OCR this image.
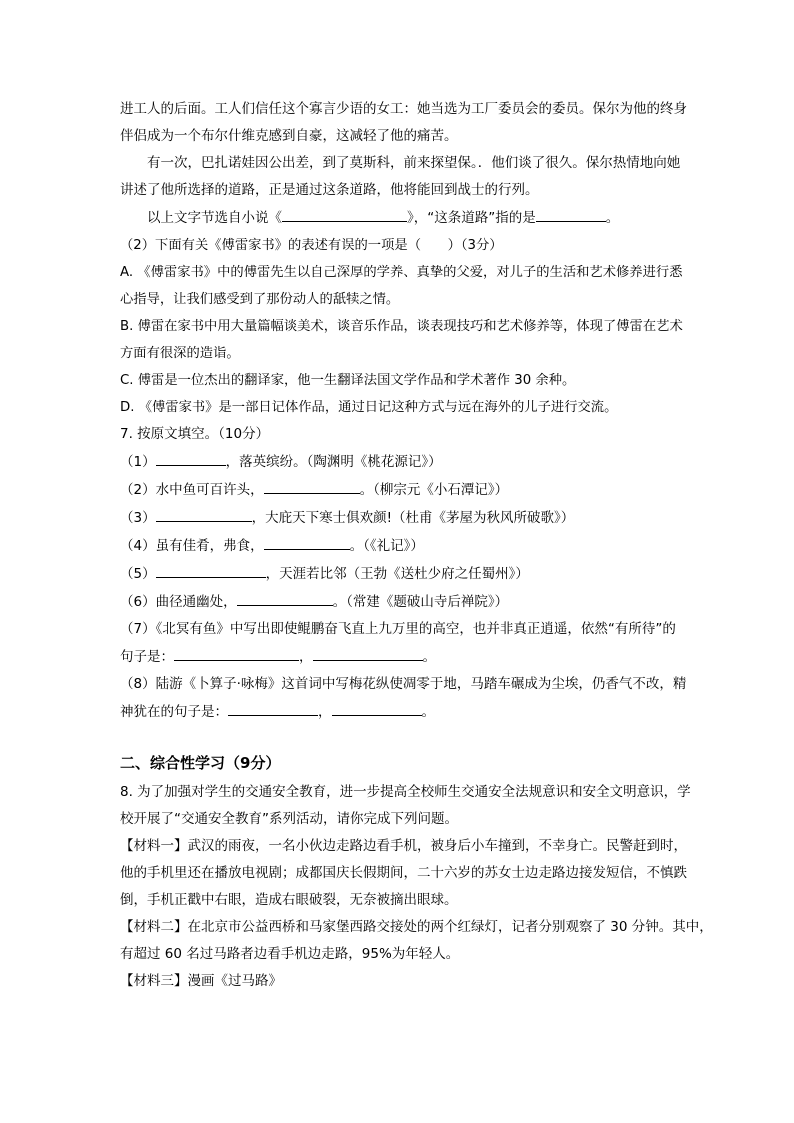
进工人的后面。工人们信任这个寡言少语的女工：她当选为工厂委员会的委员。保尔为他的终身

伴侣成为一个布尔什维克感到自豪，这减轻了他的痛苦。

有一次，巴扎诺娃因公出差，到了莫斯科，前来探望保。．他们谈了很久。保尔热情地向她

讲述了他所选择的道路，正是通过这条道路，他将能回到战士的行列。

以上文字节选自小说《	》，“这条道路”指的是	。

（2）下面有关《傅雷家书》的表述有误的一项是（　　）（3分）

A. 《傅雷家书》中的傅雷先生以自己深厚的学养、真挚的父爱，对儿子的生活和艺术修养进行悉

心指导，让我们感受到了那份动人的舐犊之情。

B. 傅雷在家书中用大量篇幅谈美术，谈音乐作品，谈表现技巧和艺术修养等，体现了傅雷在艺术

方面有很深的造诣。

C. 傅雷是一位杰出的翻译家，他一生翻译法国文学作品和学术著作 30 余种。

D. 《傅雷家书》是一部日记体作品，通过日记这种方式与远在海外的儿子进行交流。

7. 按原文填空。（10分）

（1）	，落英缤纷。（陶渊明《桃花源记》）

（2）水中鱼可百许头，	。（柳宗元《小石潭记》）

（3）	，大庇天下寒士俱欢颜!（杜甫《茅屋为秋风所破歌》）

（4）虽有佳肴，弗食，	。（《礼记》）

（5）	，天涯若比邻（王勃《送杜少府之任蜀州》）

（6）曲径通幽处，	。（常建《题破山寺后禅院》）

（7）《北冥有鱼》中写出即使鲲鹏奋飞直上九万里的高空，也并非真正逍遥，依然“有所待”的

句子是：	，	。

（8）陆游《卜算子·咏梅》这首词中写梅花纵使凋零于地，马踏车碾成为尘埃，仍香气不改，精

神犹在的句子是：	，	。

二、综合性学习（9分）

8. 为了加强对学生的交通安全教育，进一步提高全校师生交通安全法规意识和安全文明意识，学

校开展了“交通安全教育”系列活动，请你完成下列问题。

【材料一】武汉的雨夜，一名小伙边走路边看手机，被身后小车撞到，不幸身亡。民警赶到时，

他的手机里还在播放电视剧；成都国庆长假期间，二十六岁的苏女士边走路边接发短信，不慎跌

倒，手机正戳中右眼，造成右眼破裂，无奈被摘出眼球。

【材料二】在北京市公益西桥和马家堡西路交接处的两个红绿灯，记者分别观察了 30 分钟。其中，

有超过 60 名过马路者边看手机边走路，95%为年轻人。

【材料三】漫画《过马路》
